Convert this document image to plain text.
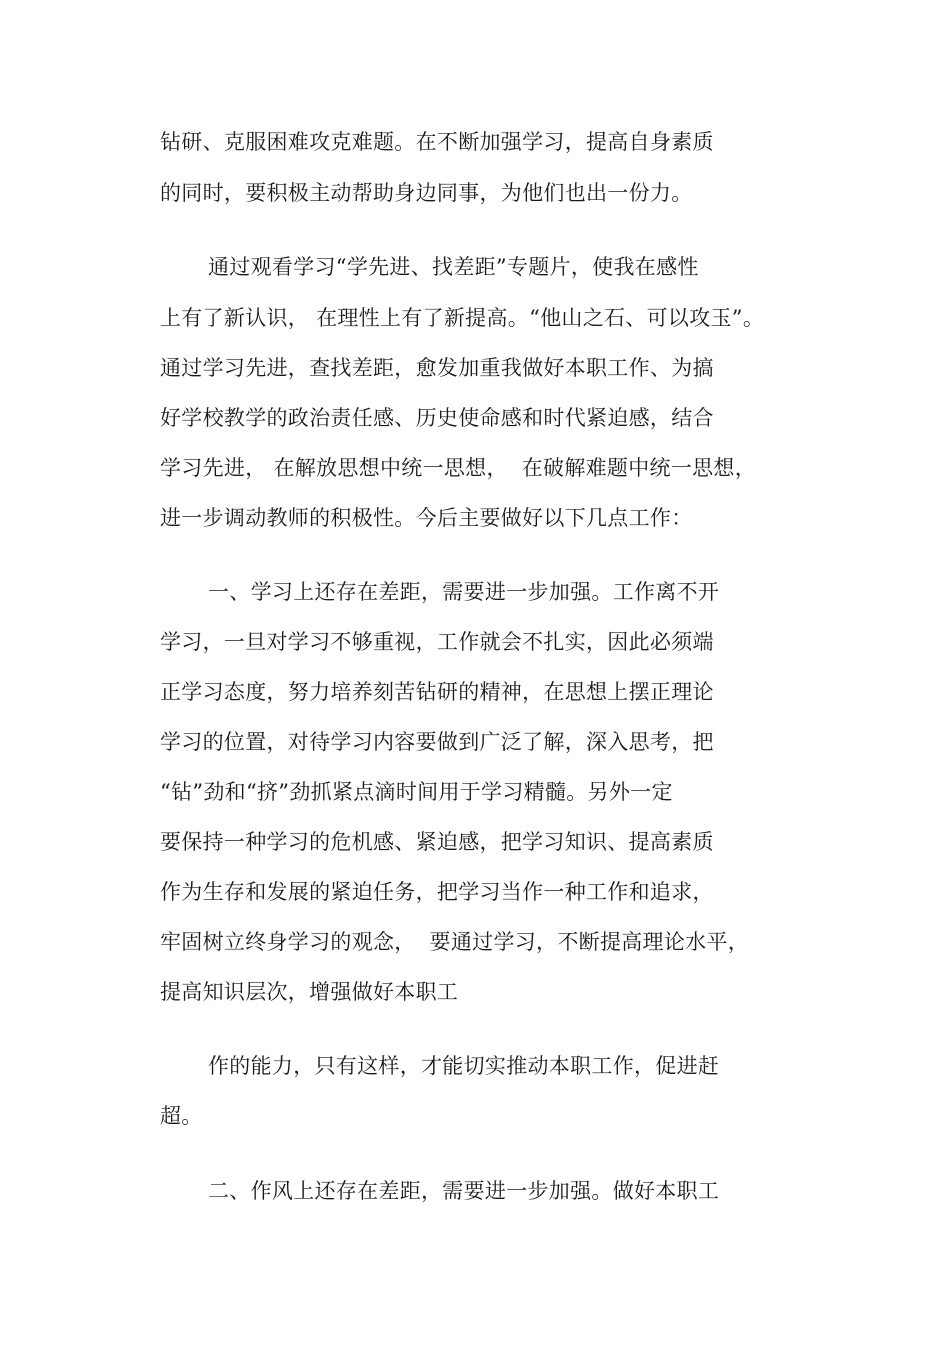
钻研、克服困难攻克难题。在不断加强学习，提高自身素质
的同时，要积极主动帮助身边同事，为他们也出一份力。
通过观看学习“学先进、找差距”专题片，使我在感性
上有了新认识， 在理性上有了新提高。“他山之石、可以攻玉”。
通过学习先进，查找差距，愈发加重我做好本职工作、为搞
好学校教学的政治责任感、历史使命感和时代紧迫感，结合
学习先进， 在解放思想中统一思想，  在破解难题中统一思想，
进一步调动教师的积极性。今后主要做好以下几点工作：
一、学习上还存在差距，需要进一步加强。工作离不开
学习，一旦对学习不够重视，工作就会不扎实，因此必须端
正学习态度，努力培养刻苦钻研的精神，在思想上摆正理论
学习的位置，对待学习内容要做到广泛了解，深入思考，把
“钻”劲和“挤”劲抓紧点滴时间用于学习精髓。另外一定
要保持一种学习的危机感、紧迫感，把学习知识、提高素质
作为生存和发展的紧迫任务，把学习当作一种工作和追求，
牢固树立终身学习的观念，  要通过学习，不断提高理论水平，
提高知识层次，增强做好本职工
作的能力，只有这样，才能切实推动本职工作，促进赶
超。
二、作风上还存在差距，需要进一步加强。做好本职工
